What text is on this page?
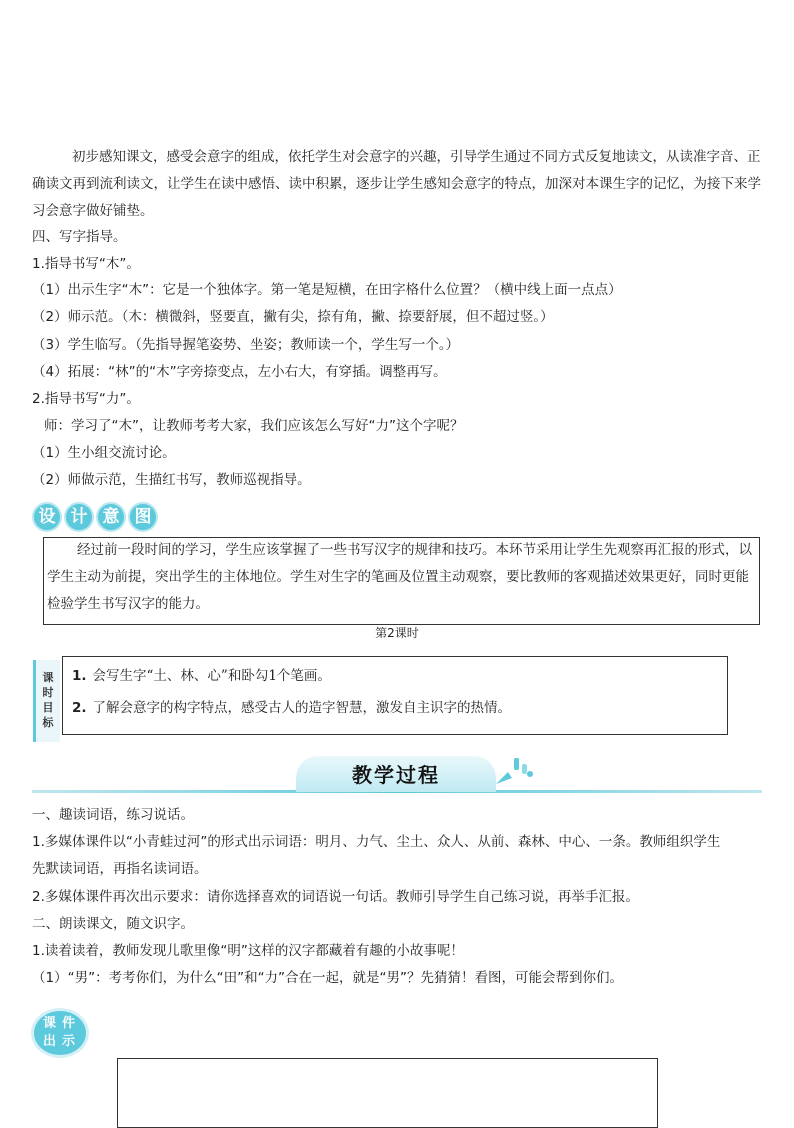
初步感知课文，感受会意字的组成，依托学生对会意字的兴趣，引导学生通过不同方式反复地读文，从读准字音、正确读文再到流利读文，让学生在读中感悟、读中积累，逐步让学生感知会意字的特点，加深对本课生字的记忆，为接下来学习会意字做好铺垫。
四、写字指导。
1.指导书写“木”。
（1）出示生字“木”：它是一个独体字。第一笔是短横，在田字格什么位置？（横中线上面一点点）
（2）师示范。（木：横微斜，竖要直，撇有尖，捺有角，撇、捺要舒展，但不超过竖。）
（3）学生临写。（先指导握笔姿势、坐姿；教师读一个，学生写一个。）
（4）拓展：“林”的“木”字旁捺变点，左小右大，有穿插。调整再写。
2.指导书写“力”。
师：学习了“木”，让教师考考大家，我们应该怎么写好“力”这个字呢？
（1）生小组交流讨论。
（2）师做示范，生描红书写，教师巡视指导。
设 计 意 图
经过前一段时间的学习，学生应该掌握了一些书写汉字的规律和技巧。本环节采用让学生先观察再汇报的形式，以学生主动为前提，突出学生的主体地位。学生对生字的笔画及位置主动观察，要比教师的客观描述效果更好，同时更能检验学生书写汉字的能力。
第2课时
课时目标
1. 会写生字“土、林、心”和卧勾1个笔画。
2. 了解会意字的构字特点，感受古人的造字智慧，激发自主识字的热情。
教学过程
一、趣读词语，练习说话。
1.多媒体课件以“小青蛙过河”的形式出示词语：明月、力气、尘土、众人、从前、森林、中心、一条。教师组织学生
先默读词语，再指名读词语。
2.多媒体课件再次出示要求：请你选择喜欢的词语说一句话。教师引导学生自己练习说，再举手汇报。
二、朗读课文，随文识字。
1.读着读着，教师发现儿歌里像“明”这样的汉字都藏着有趣的小故事呢！
（1）“男”：考考你们，为什么“田”和“力”合在一起，就是“男”？先猜猜！看图，可能会帮到你们。
课件出示
